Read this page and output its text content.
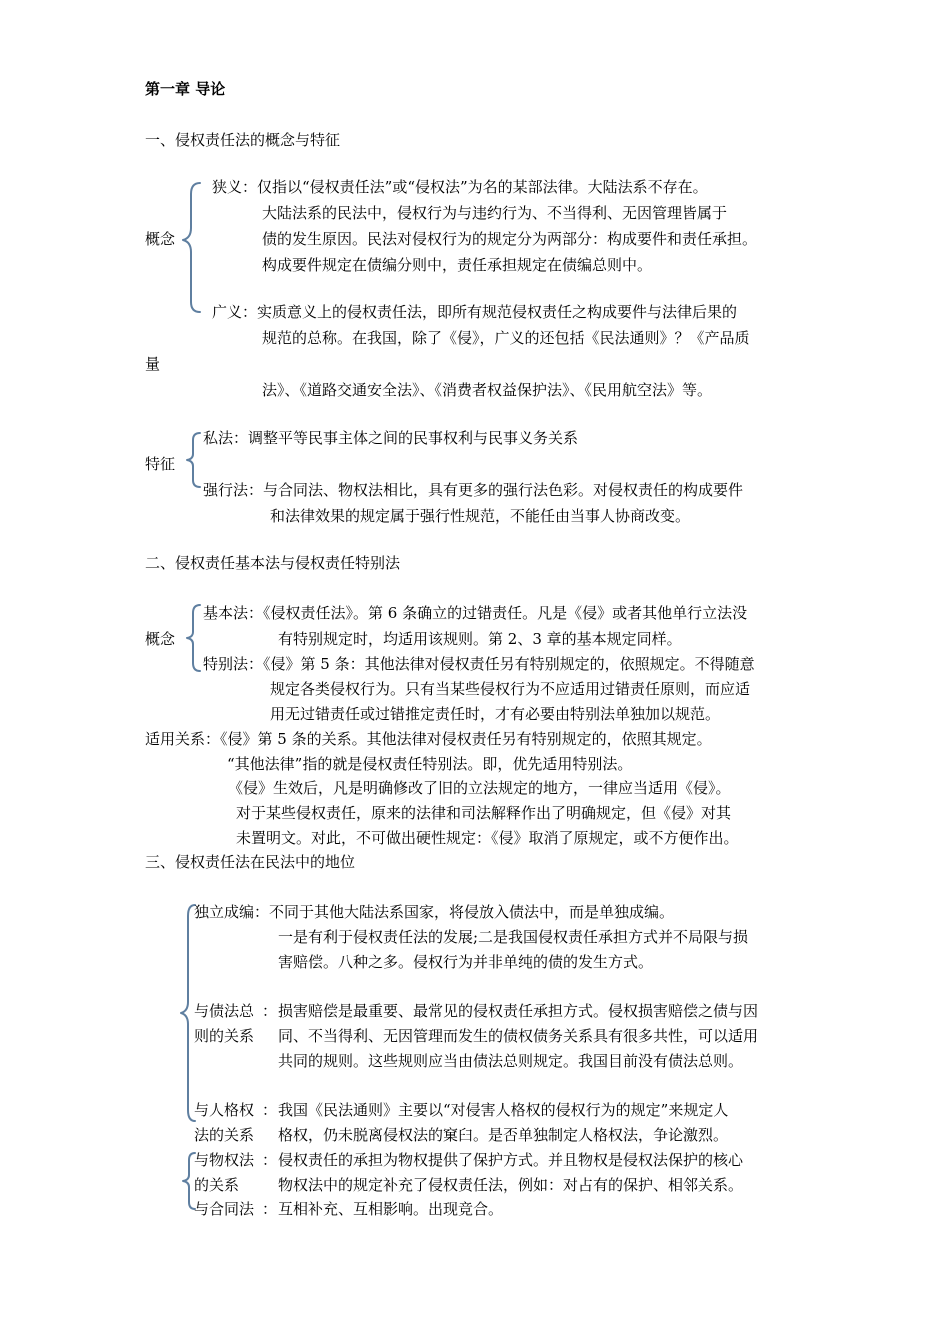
第一章 导论
一、侵权责任法的概念与特征
概念
狭义：仅指以“侵权责任法”或“侵权法”为名的某部法律。大陆法系不存在。
大陆法系的民法中，侵权行为与违约行为、不当得利、无因管理皆属于
债的发生原因。民法对侵权行为的规定分为两部分：构成要件和责任承担。
构成要件规定在债编分则中，责任承担规定在债编总则中。
广义：实质意义上的侵权责任法，即所有规范侵权责任之构成要件与法律后果的
规范的总称。在我国，除了《侵》，广义的还包括《民法通则》？《产品质
量
法》、《道路交通安全法》、《消费者权益保护法》、《民用航空法》等。
特征
私法：调整平等民事主体之间的民事权利与民事义务关系
强行法：与合同法、物权法相比，具有更多的强行法色彩。对侵权责任的构成要件
和法律效果的规定属于强行性规范，不能任由当事人协商改变。
二、侵权责任基本法与侵权责任特别法
概念
基本法：《侵权责任法》。第 6 条确立的过错责任。凡是《侵》或者其他单行立法没
有特别规定时，均适用该规则。第 2、3 章的基本规定同样。
特别法：《侵》第 5 条：其他法律对侵权责任另有特别规定的，依照规定。不得随意
规定各类侵权行为。只有当某些侵权行为不应适用过错责任原则，而应适
用无过错责任或过错推定责任时，才有必要由特别法单独加以规范。
适用关系：《侵》第 5 条的关系。其他法律对侵权责任另有特别规定的，依照其规定。
“其他法律”指的就是侵权责任特别法。即，优先适用特别法。
《侵》生效后，凡是明确修改了旧的立法规定的地方，一律应当适用《侵》。
对于某些侵权责任，原来的法律和司法解释作出了明确规定，但《侵》对其
未置明文。对此，不可做出硬性规定：《侵》取消了原规定，或不方便作出。
三、侵权责任法在民法中的地位
独立成编：不同于其他大陆法系国家，将侵放入债法中，而是单独成编。
一是有利于侵权责任法的发展;二是我国侵权责任承担方式并不局限与损
害赔偿。八种之多。侵权行为并非单纯的债的发生方式。
与债法总 ：
则的关系
损害赔偿是最重要、最常见的侵权责任承担方式。侵权损害赔偿之债与因
同、不当得利、无因管理而发生的债权债务关系具有很多共性，可以适用
共同的规则。这些规则应当由债法总则规定。我国目前没有债法总则。
与人格权 ：
法的关系
我国《民法通则》主要以“对侵害人格权的侵权行为的规定”来规定人
格权，仍未脱离侵权法的窠臼。是否单独制定人格权法，争论激烈。
与物权法 ：
的关系
侵权责任的承担为物权提供了保护方式。并且物权是侵权法保护的核心
物权法中的规定补充了侵权责任法，例如：对占有的保护、相邻关系。
与合同法 ： 互相补充、互相影响。出现竞合。
